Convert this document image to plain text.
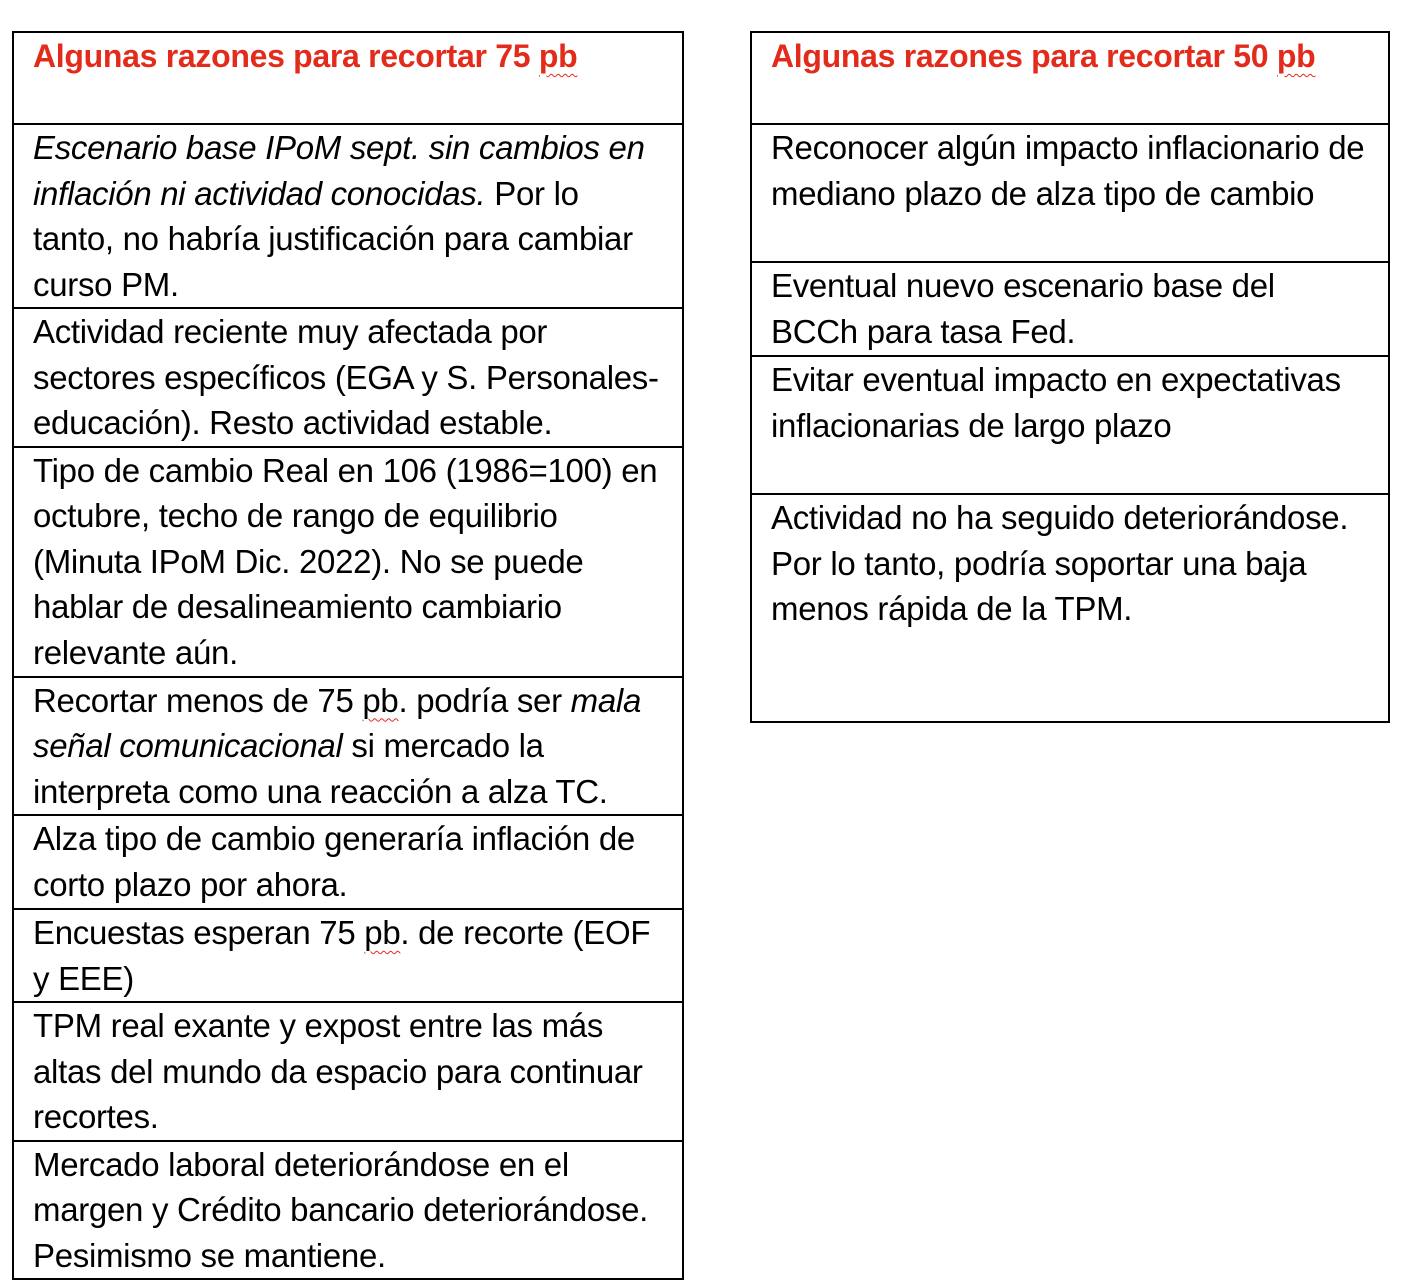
Algunas razones para recortar 75 pb
Escenario base IPoM sept. sin cambios en inflación ni actividad conocidas. Por lo tanto, no habría justificación para cambiar curso PM.
Actividad reciente muy afectada por sectores específicos (EGA y S. Personales-educación). Resto actividad estable.
Tipo de cambio Real en 106 (1986=100) en octubre, techo de rango de equilibrio (Minuta IPoM Dic. 2022). No se puede hablar de desalineamiento cambiario relevante aún.
Recortar menos de 75 pb. podría ser mala señal comunicacional si mercado la interpreta como una reacción a alza TC.
Alza tipo de cambio generaría inflación de corto plazo por ahora.
Encuestas esperan 75 pb. de recorte (EOF y EEE)
TPM real exante y expost entre las más altas del mundo da espacio para continuar recortes.
Mercado laboral deteriorándose en el margen y Crédito bancario deteriorándose. Pesimismo se mantiene.
Algunas razones para recortar 50 pb
Reconocer algún impacto inflacionario de mediano plazo de alza tipo de cambio
Eventual nuevo escenario base del BCCh para tasa Fed.
Evitar eventual impacto en expectativas inflacionarias de largo plazo
Actividad no ha seguido deteriorándose. Por lo tanto, podría soportar una baja menos rápida de la TPM.
